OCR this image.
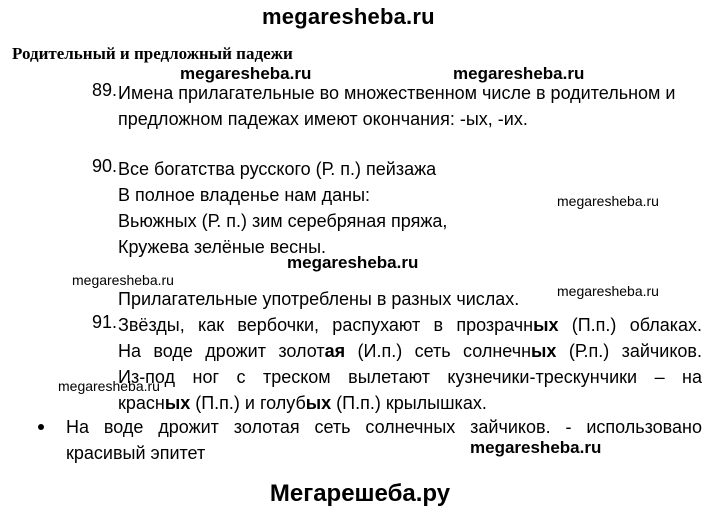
megaresheba.ru
megaresheba.ru	megaresheba.ru
megaresheba.ru
megaresheba.ru
megaresheba.ru
megaresheba.ru
megaresheba.ru
megaresheba.ru
Родительный и предложный падежи
89. Имена прилагательные во множественном числе в родительном и
предложном падежах имеют окончания: -ых, -их.
90. Все богатства русского (Р. п.) пейзажа
В полное владенье нам даны:
Вьюжных (Р. п.) зим серебряная пряжа,
Кружева зелёные весны.
Прилагательные употреблены в разных числах.
91. Звёзды, как вербочки, распухают в прозрачных (П.п.) облаках.
На воде дрожит золотая (И.п.) сеть солнечных (Р.п.) зайчиков.
Из-под ног с треском вылетают кузнечики-трескунчики – на
красных (П.п.) и голубых (П.п.) крылышках.
На воде дрожит золотая сеть солнечных зайчиков. - использовано
красивый эпитет
Мегарешеба.ру
